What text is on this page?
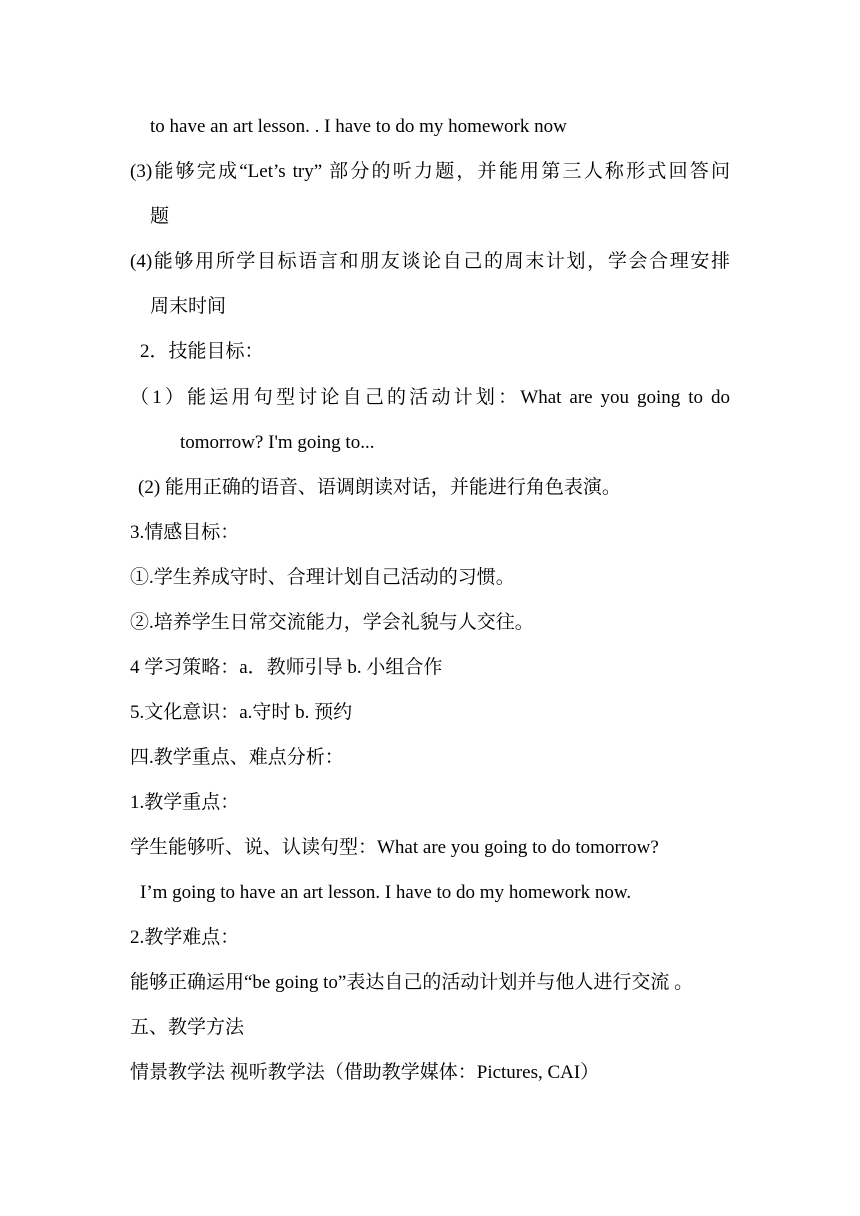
to have an art lesson. . I have to do my homework now
(3)能够完成“Let’s try” 部分的听力题，并能用第三人称形式回答问
题
(4)能够用所学目标语言和朋友谈论自己的周末计划，学会合理安排
周末时间
2．技能目标：
（1）能运用句型讨论自己的活动计划：What are you going to do
tomorrow? I'm going to...
(2) 能用正确的语音、语调朗读对话，并能进行角色表演。
3.情感目标：
①.学生养成守时、合理计划自己活动的习惯。
②.培养学生日常交流能力，学会礼貌与人交往。
4 学习策略：a．教师引导 b. 小组合作
5.文化意识：a.守时 b. 预约
四.教学重点、难点分析：
1.教学重点：
学生能够听、说、认读句型：What are you going to do tomorrow?
I’m going to have an art lesson. I have to do my homework now.
2.教学难点：
能够正确运用“be going to”表达自己的活动计划并与他人进行交流 。
五、教学方法
情景教学法 视听教学法（借助教学媒体：Pictures, CAI）
